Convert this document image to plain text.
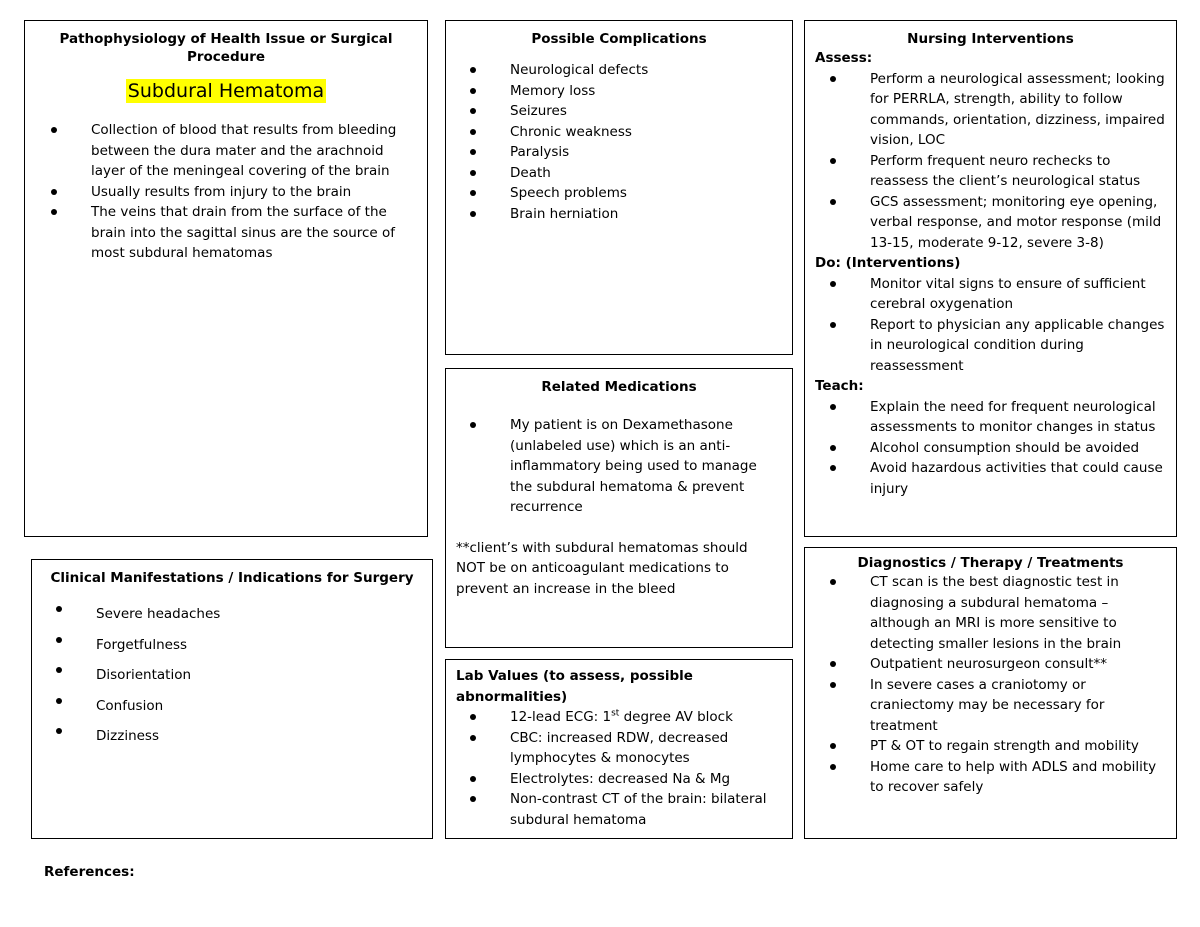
Pathophysiology of Health Issue or Surgical Procedure
Subdural Hematoma
Collection of blood that results from bleeding between the dura mater and the arachnoid layer of the meningeal covering of the brain
Usually results from injury to the brain
The veins that drain from the surface of the brain into the sagittal sinus are the source of most subdural hematomas
Possible Complications
Neurological defects
Memory loss
Seizures
Chronic weakness
Paralysis
Death
Speech problems
Brain herniation
Nursing Interventions
Assess:
Perform a neurological assessment; looking for PERRLA, strength, ability to follow commands, orientation, dizziness, impaired vision, LOC
Perform frequent neuro rechecks to reassess the client’s neurological status
GCS assessment; monitoring eye opening, verbal response, and motor response (mild 13-15, moderate 9-12, severe 3-8)
Do: (Interventions)
Monitor vital signs to ensure of sufficient cerebral oxygenation
Report to physician any applicable changes in neurological condition during reassessment
Teach:
Explain the need for frequent neurological assessments to monitor changes in status
Alcohol consumption should be avoided
Avoid hazardous activities that could cause injury
Related Medications
My patient is on Dexamethasone (unlabeled use) which is an anti-inflammatory being used to manage the subdural hematoma & prevent recurrence
**client’s with subdural hematomas should NOT be on anticoagulant medications to prevent an increase in the bleed
Clinical Manifestations / Indications for Surgery
Severe headaches
Forgetfulness
Disorientation
Confusion
Dizziness
Lab Values (to assess, possible abnormalities)
12-lead ECG: 1st degree AV block
CBC: increased RDW, decreased lymphocytes & monocytes
Electrolytes: decreased Na & Mg
Non-contrast CT of the brain: bilateral subdural hematoma
Diagnostics / Therapy / Treatments
CT scan is the best diagnostic test in diagnosing a subdural hematoma – although an MRI is more sensitive to detecting smaller lesions in the brain
Outpatient neurosurgeon consult**
In severe cases a craniotomy or craniectomy may be necessary for treatment
PT & OT to regain strength and mobility
Home care to help with ADLS and mobility to recover safely
References:
